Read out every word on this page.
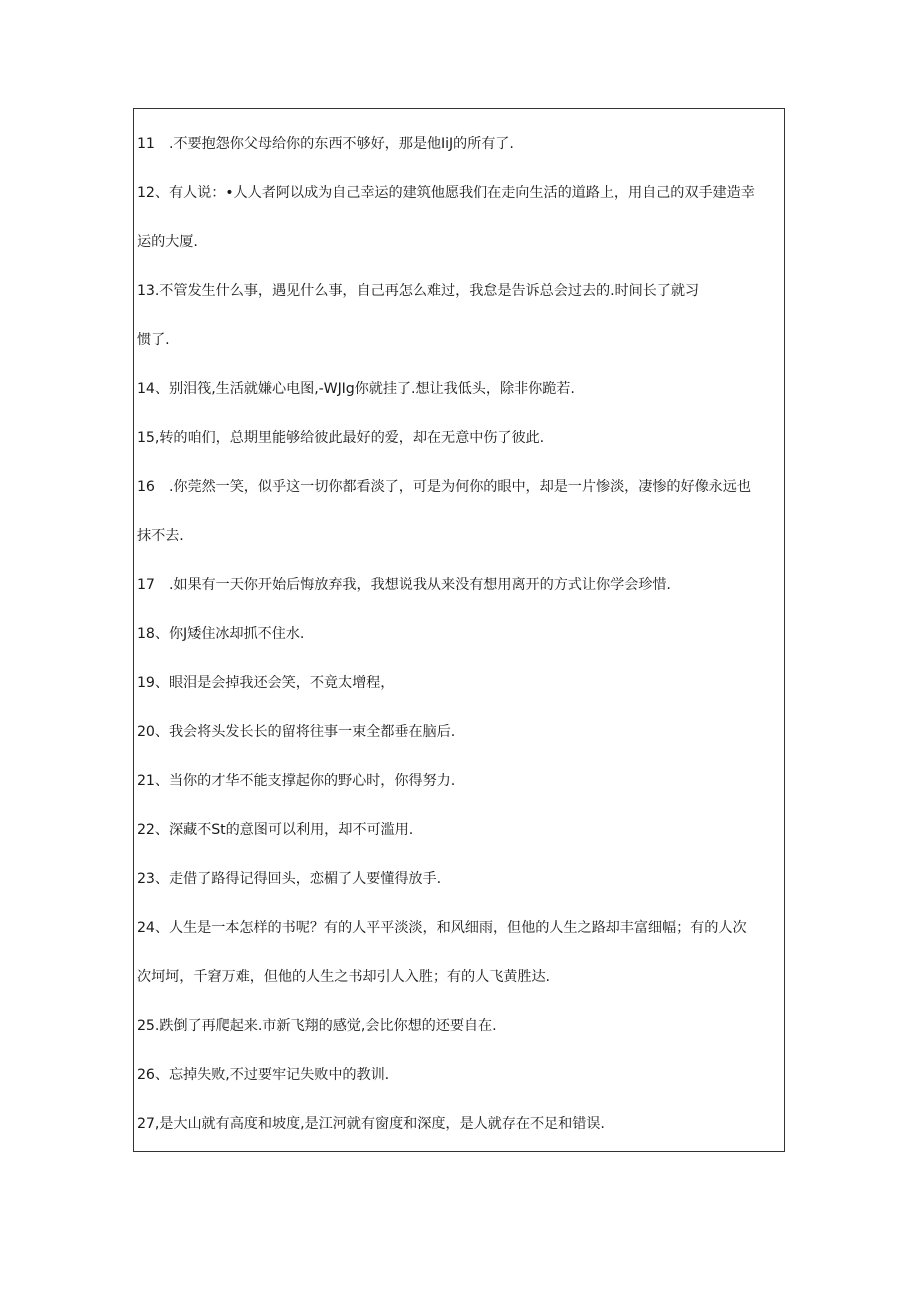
11　.不要抱怨你父母给你的东西不够好，那是他IiJ的所有了.
12、有人说：•人人者阿以成为自己幸运的建筑他愿我们在走向生活的道路上，用自己的双手建造幸
运的大厦.
13.不管发生什么事，遇见什么事，自己再怎么难过，我怠是告诉总会过去的.时间长了就习
惯了.
14、别泪筏,生活就嫌心电图,-WJIg你就挂了.想让我低头，除非你跪若.
15,转的咱们，总期里能够给彼此最好的爱，却在无意中伤了彼此.
16　.你莞然一笑，似乎这一切你都看淡了，可是为何你的眼中，却是一片惨淡，凄惨的好像永远也
抹不去.
17　.如果有一天你开始后悔放弃我，我想说我从来没有想用离开的方式让你学会珍惜.
18、你J矮住冰却抓不住水.
19、眼泪是会掉我还会笑，不竟太增程，
20、我会将头发长长的留将往事一束全都垂在脑后.
21、当你的才华不能支撑起你的野心时，你得努力.
22、深藏不St的意图可以利用，却不可滥用.
23、走借了路得记得回头，恋楣了人要懂得放手.
24、人生是一本怎样的书呢？有的人平平淡淡，和风细雨，但他的人生之路却丰富细幅；有的人次
次坷坷，千窘万难，但他的人生之书却引人入胜；有的人飞黄胜达.
25.跌倒了再爬起来.市新飞翔的感觉,会比你想的还要自在.
26、忘掉失败,不过要牢记失败中的教训.
27,是大山就有高度和坡度,是江河就有窗度和深度，是人就存在不足和错误.
